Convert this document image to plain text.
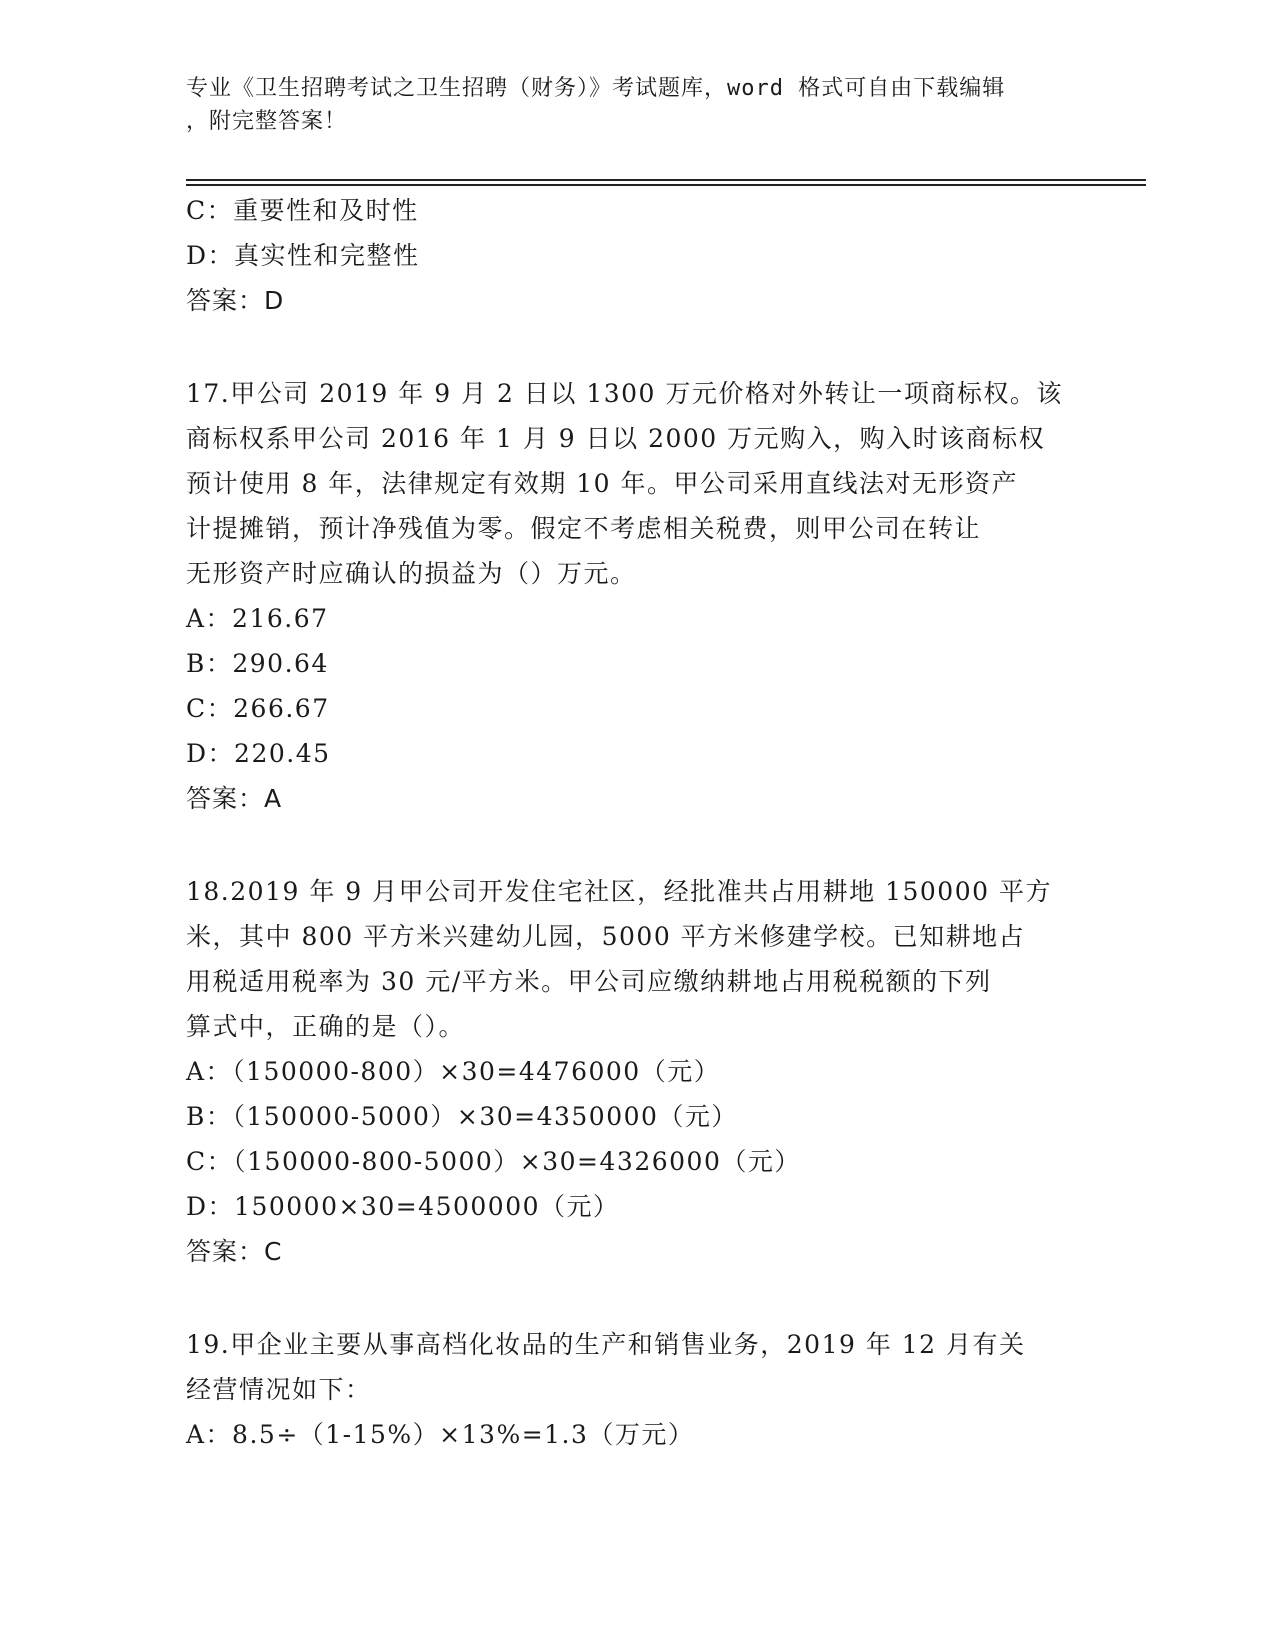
专业《卫生招聘考试之卫生招聘（财务）》考试题库，word 格式可自由下载编辑
，附完整答案！
C：重要性和及时性
D：真实性和完整性
答案：D
17.甲公司 2019 年 9 月 2 日以 1300 万元价格对外转让一项商标权。该
商标权系甲公司 2016 年 1 月 9 日以 2000 万元购入，购入时该商标权
预计使用 8 年，法律规定有效期 10 年。甲公司采用直线法对无形资产
计提摊销，预计净残值为零。假定不考虑相关税费，则甲公司在转让
无形资产时应确认的损益为（）万元。
A：216.67
B：290.64
C：266.67
D：220.45
答案：A
18.2019 年 9 月甲公司开发住宅社区，经批准共占用耕地 150000 平方
米，其中 800 平方米兴建幼儿园，5000 平方米修建学校。已知耕地占
用税适用税率为 30 元/平方米。甲公司应缴纳耕地占用税税额的下列
算式中，正确的是（）。
A：（150000-800）×30=4476000（元）
B：（150000-5000）×30=4350000（元）
C：（150000-800-5000）×30=4326000（元）
D：150000×30=4500000（元）
答案：C
19.甲企业主要从事高档化妆品的生产和销售业务，2019 年 12 月有关
经营情况如下：
A：8.5÷（1-15%）×13%=1.3（万元）
